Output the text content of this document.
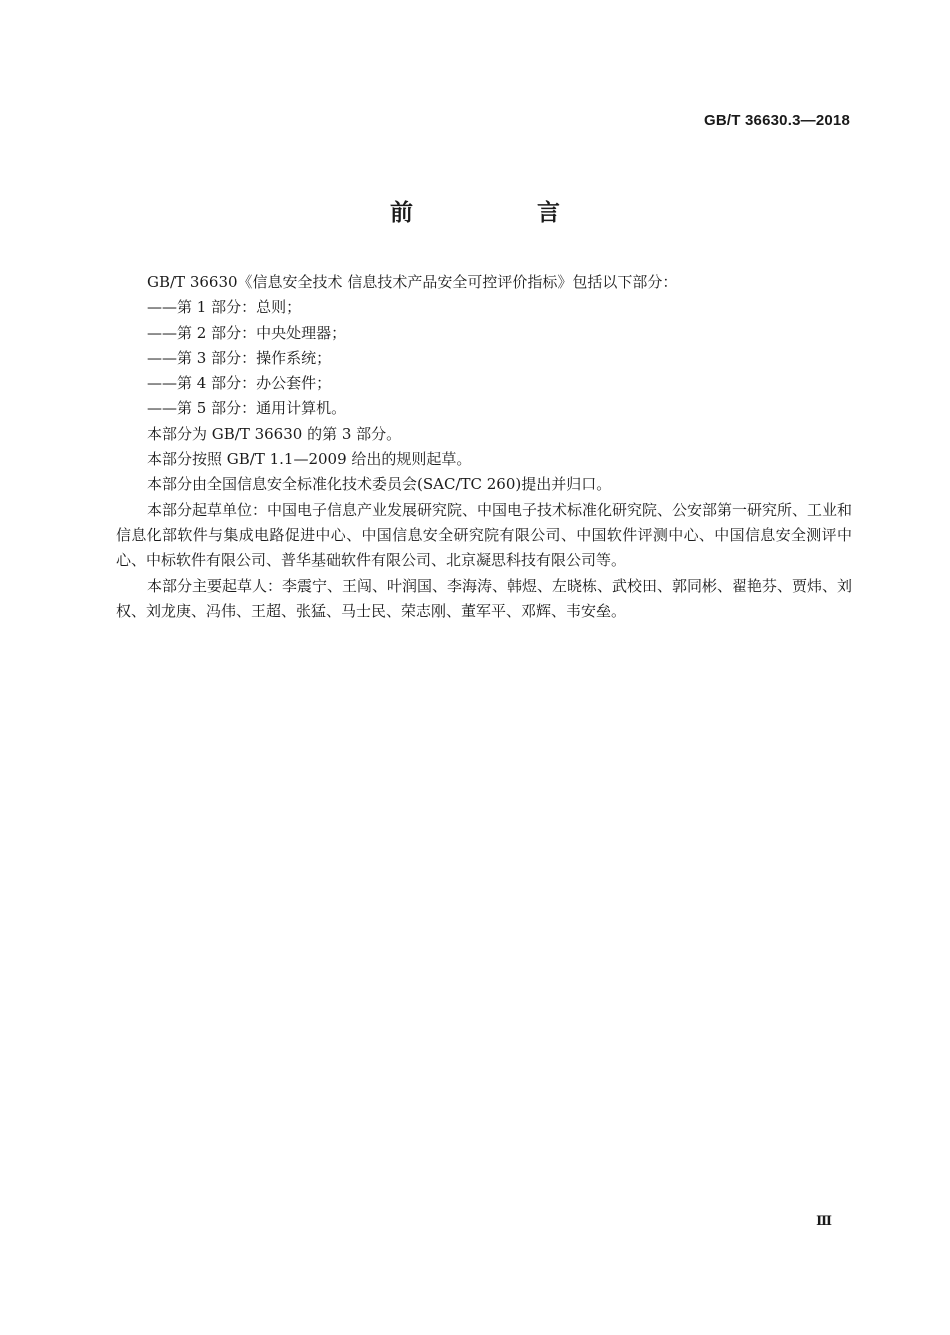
GB/T 36630.3—2018
前 言

GB/T 36630《信息安全技术 信息技术产品安全可控评价指标》包括以下部分：

——第 1 部分：总则；

——第 2 部分：中央处理器；

——第 3 部分：操作系统；

——第 4 部分：办公套件；

——第 5 部分：通用计算机。

本部分为 GB/T 36630 的第 3 部分。

本部分按照 GB/T 1.1—2009 给出的规则起草。

本部分由全国信息安全标准化技术委员会(SAC/TC 260)提出并归口。

本部分起草单位：中国电子信息产业发展研究院、中国电子技术标准化研究院、公安部第一研究所、工业和信息化部软件与集成电路促进中心、中国信息安全研究院有限公司、中国软件评测中心、中国信息安全测评中心、中标软件有限公司、普华基础软件有限公司、北京凝思科技有限公司等。

本部分主要起草人：李震宁、王闯、叶润国、李海涛、韩煜、左晓栋、武校田、郭同彬、翟艳芬、贾炜、刘权、刘龙庚、冯伟、王超、张猛、马士民、荣志刚、董军平、邓辉、韦安垒。

Ⅲ
